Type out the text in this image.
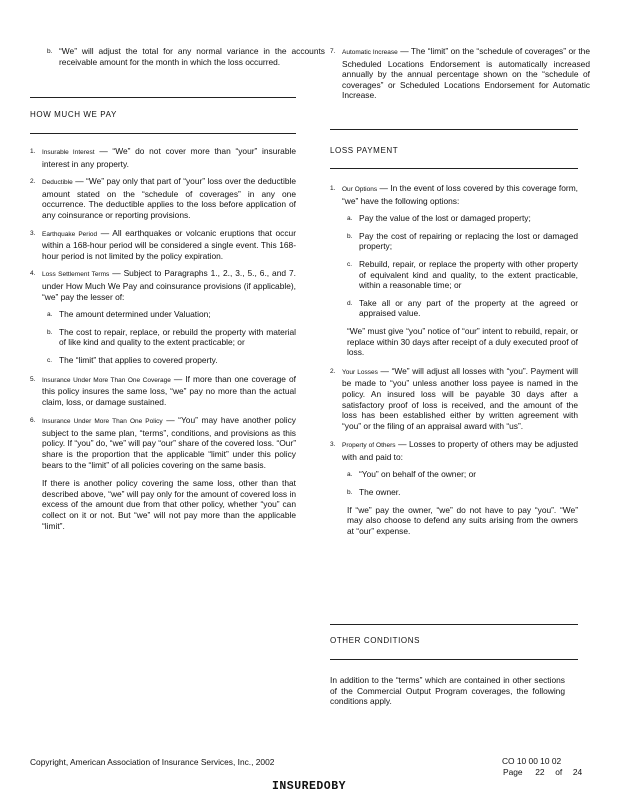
b. “We” will adjust the total for any normal variance in the accounts receivable amount for the month in which the loss occurred.

HOW MUCH WE PAY
1. Insurable Interest — “We” do not cover more than “your” insurable interest in any property.

2. Deductible — “We” pay only that part of “your” loss over the deductible amount stated on the “schedule of coverages” in any one occurrence. The deductible applies to the loss before application of any coinsurance or reporting provisions.

3. Earthquake Period — All earthquakes or volcanic eruptions that occur within a 168-hour period will be considered a single event. This 168-hour period is not limited by the policy expiration.

4. Loss Settlement Terms — Subject to Paragraphs 1., 2., 3., 5., 6., and 7. under How Much We Pay and coinsurance provisions (if applicable), “we” pay the lesser of:

a. The amount determined under Valuation;

b. The cost to repair, replace, or rebuild the property with material of like kind and quality to the extent practicable; or

c. The “limit” that applies to covered property.

5. Insurance Under More Than One Coverage — If more than one coverage of this policy insures the same loss, “we” pay no more than the actual claim, loss, or damage sustained.

6. Insurance Under More Than One Policy — “You” may have another policy subject to the same plan, “terms”, conditions, and provisions as this policy. If “you” do, “we” will pay “our” share of the covered loss. “Our” share is the proportion that the applicable “limit” under this policy bears to the “limit” of all policies covering on the same basis.

If there is another policy covering the same loss, other than that described above, “we” will pay only for the amount of covered loss in excess of the amount due from that other policy, whether “you” can collect on it or not. But “we” will not pay more than the applicable “limit”.

7. Automatic Increase — The “limit” on the “schedule of coverages” or the Scheduled Locations Endorsement is automatically increased annually by the annual percentage shown on the “schedule of coverages” or Scheduled Locations Endorsement for Automatic Increase.

LOSS PAYMENT
1. Our Options — In the event of loss covered by this coverage form, “we” have the following options:

a. Pay the value of the lost or damaged property;

b. Pay the cost of repairing or replacing the lost or damaged property;

c. Rebuild, repair, or replace the property with other property of equivalent kind and quality, to the extent practicable, within a reasonable time; or

d. Take all or any part of the property at the agreed or appraised value.

“We” must give “you” notice of “our” intent to rebuild, repair, or replace within 30 days after receipt of a duly executed proof of loss.

2. Your Losses — “We” will adjust all losses with “you”. Payment will be made to “you” unless another loss payee is named in the policy. An insured loss will be payable 30 days after a satisfactory proof of loss is received, and the amount of the loss has been established either by written agreement with “you” or the filing of an appraisal award with “us”.

3. Property of Others — Losses to property of others may be adjusted with and paid to:

a. “You” on behalf of the owner; or

b. The owner.

If “we” pay the owner, “we” do not have to pay “you”. “We” may also choose to defend any suits arising from the owners at “our” expense.

OTHER CONDITIONS

In addition to the “terms” which are contained in other sections of the Commercial Output Program coverages, the following conditions apply.

Copyright, American Association of Insurance Services, Inc., 2002	CO 10 00 10 02
Page 22 of 24
INSUREDOBY
